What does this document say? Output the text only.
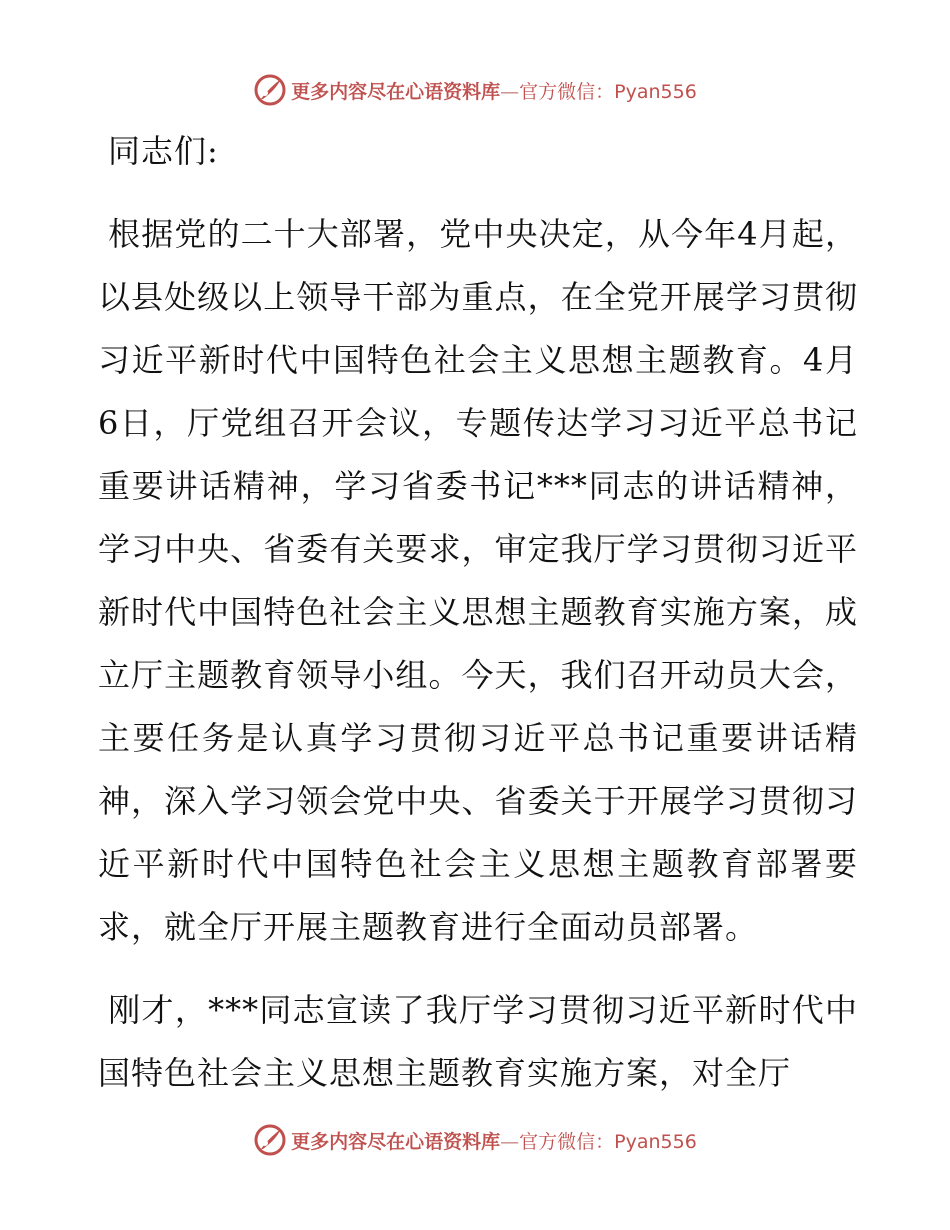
更多内容尽在心语资料库—官方微信：Pyan556

同志们:

根据党的二十大部署，党中央决定，从今年4月起，以县处级以上领导干部为重点，在全党开展学习贯彻习近平新时代中国特色社会主义思想主题教育。4月6日，厅党组召开会议，专题传达学习习近平总书记重要讲话精神，学习省委书记***同志的讲话精神，学习中央、省委有关要求，审定我厅学习贯彻习近平新时代中国特色社会主义思想主题教育实施方案，成立厅主题教育领导小组。今天，我们召开动员大会，主要任务是认真学习贯彻习近平总书记重要讲话精神，深入学习领会党中央、省委关于开展学习贯彻习近平新时代中国特色社会主义思想主题教育部署要求，就全厅开展主题教育进行全面动员部署。

刚才，***同志宣读了我厅学习贯彻习近平新时代中国特色社会主义思想主题教育实施方案，对全厅

更多内容尽在心语资料库—官方微信：Pyan556
